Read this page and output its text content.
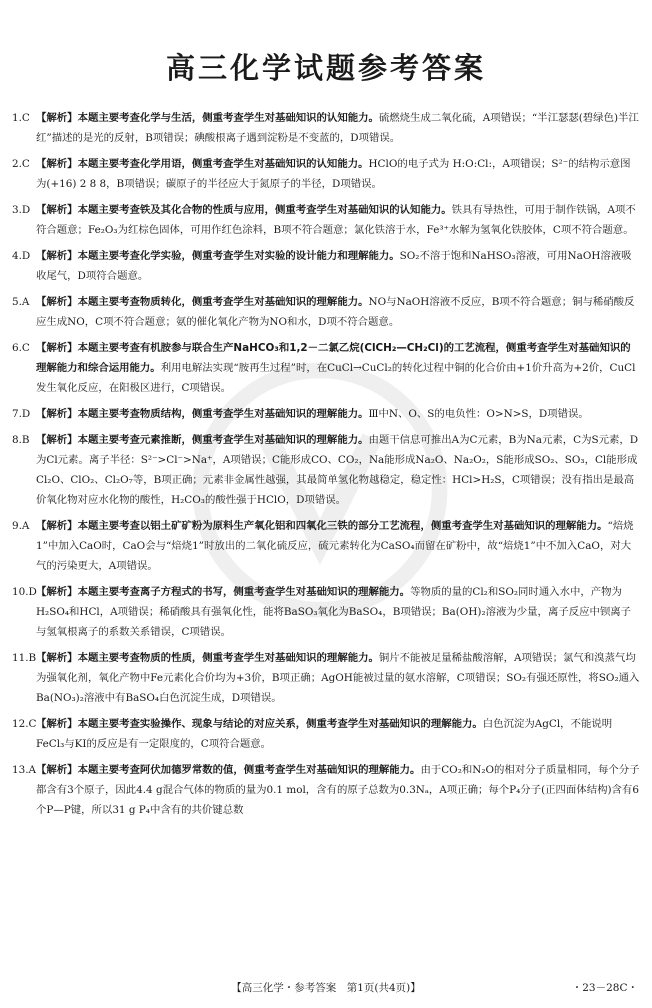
高三化学试题参考答案
1.C 【解析】本题主要考查化学与生活，侧重考查学生对基础知识的认知能力。硫燃烧生成二氧化硫，A项错误；“半江瑟瑟(碧绿色)半江红”描述的是光的反射，B项错误；碘酸根离子遇到淀粉是不变蓝的，D项错误。
2.C 【解析】本题主要考查化学用语，侧重考查学生对基础知识的认知能力。HClO的电子式为 H:O:Cl:，A项错误；S²⁻的结构示意图为(+16) 2 8 8，B项错误；碳原子的半径应大于氮原子的半径，D项错误。
3.D 【解析】本题主要考查铁及其化合物的性质与应用，侧重考查学生对基础知识的认知能力。铁具有导热性，可用于制作铁锅，A项不符合题意；Fe₂O₃为红棕色固体，可用作红色涂料，B项不符合题意；氯化铁溶于水，Fe³⁺水解为氢氧化铁胶体，C项不符合题意。
4.D 【解析】本题主要考查化学实验，侧重考查学生对实验的设计能力和理解能力。SO₂不溶于饱和NaHSO₃溶液，可用NaOH溶液吸收尾气，D项符合题意。
5.A 【解析】本题主要考查物质转化，侧重考查学生对基础知识的理解能力。NO与NaOH溶液不反应，B项不符合题意；铜与稀硝酸反应生成NO，C项不符合题意；氨的催化氧化产物为NO和水，D项不符合题意。
6.C 【解析】本题主要考查有机胺参与联合生产NaHCO₃和1,2－二氯乙烷(ClCH₂—CH₂Cl)的工艺流程，侧重考查学生对基础知识的理解能力和综合运用能力。利用电解法实现“胺再生过程”时，在CuCl→CuCl₂的转化过程中铜的化合价由+1价升高为+2价，CuCl发生氧化反应，在阳极区进行，C项错误。
7.D 【解析】本题主要考查物质结构，侧重考查学生对基础知识的理解能力。Ⅲ中N、O、S的电负性：O>N>S，D项错误。
8.B 【解析】本题主要考查元素推断，侧重考查学生对基础知识的理解能力。由题干信息可推出A为C元素，B为Na元素，C为S元素，D为Cl元素。离子半径：S²⁻>Cl⁻>Na⁺，A项错误；C能形成CO、CO₂，Na能形成Na₂O、Na₂O₂，S能形成SO₂、SO₃，Cl能形成Cl₂O、ClO₂、Cl₂O₇等，B项正确；元素非金属性越强，其最简单氢化物越稳定，稳定性：HCl>H₂S，C项错误；没有指出是最高价氧化物对应水化物的酸性，H₂CO₃的酸性强于HClO，D项错误。
9.A 【解析】本题主要考查以铝土矿矿粉为原料生产氧化铝和四氧化三铁的部分工艺流程，侧重考查学生对基础知识的理解能力。“焙烧1”中加入CaO时，CaO会与“焙烧1”时放出的二氧化硫反应，硫元素转化为CaSO₄而留在矿粉中，故“焙烧1”中不加入CaO，对大气的污染更大，A项错误。
10.D 【解析】本题主要考查离子方程式的书写，侧重考查学生对基础知识的理解能力。等物质的量的Cl₂和SO₂同时通入水中，产物为H₂SO₄和HCl，A项错误；稀硝酸具有强氧化性，能将BaSO₃氧化为BaSO₄，B项错误；Ba(OH)₂溶液为少量，离子反应中钡离子与氢氧根离子的系数关系错误，C项错误。
11.B 【解析】本题主要考查物质的性质，侧重考查学生对基础知识的理解能力。铜片不能被足量稀盐酸溶解，A项错误；氯气和溴蒸气均为强氧化剂，氧化产物中Fe元素化合价均为+3价，B项正确；AgOH能被过量的氨水溶解，C项错误；SO₂有强还原性，将SO₂通入Ba(NO₃)₂溶液中有BaSO₄白色沉淀生成，D项错误。
12.C 【解析】本题主要考查实验操作、现象与结论的对应关系，侧重考查学生对基础知识的理解能力。白色沉淀为AgCl，不能说明FeCl₃与KI的反应是有一定限度的，C项符合题意。
13.A 【解析】本题主要考查阿伏加德罗常数的值，侧重考查学生对基础知识的理解能力。由于CO₂和N₂O的相对分子质量相同，每个分子都含有3个原子，因此4.4 g混合气体的物质的量为0.1 mol，含有的原子总数为0.3Nₐ，A项正确；每个P₄分子(正四面体结构)含有6个P—P键，所以31 g P₄中含有的共价键总数
【高三化学・参考答案　第1页(共4页)】	・23－28C・
